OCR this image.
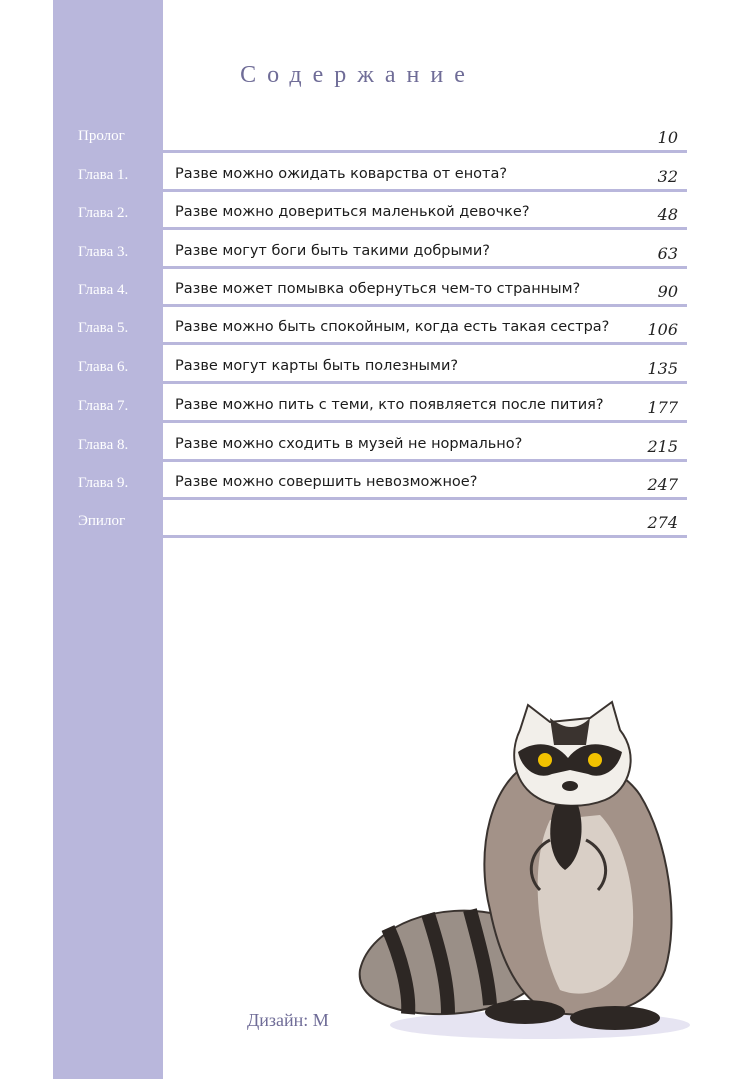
Содержание
Пролог	10
Глава 1.	Разве можно ожидать коварства от енота?	32
Глава 2.	Разве можно довериться маленькой девочке?	48
Глава 3.	Разве могут боги быть такими добрыми?	63
Глава 4.	Разве может помывка обернуться чем-то странным?	90
Глава 5.	Разве можно быть спокойным, когда есть такая сестра? 106
Глава 6.	Разве могут карты быть полезными?	135
Глава 7.	Разве можно пить с теми, кто появляется после пития?	177
Глава 8.	Разве можно сходить в музей не нормально?	215
Глава 9.	Разве можно совершить невозможное?	247
Эпилог	274
Дизайн: М
